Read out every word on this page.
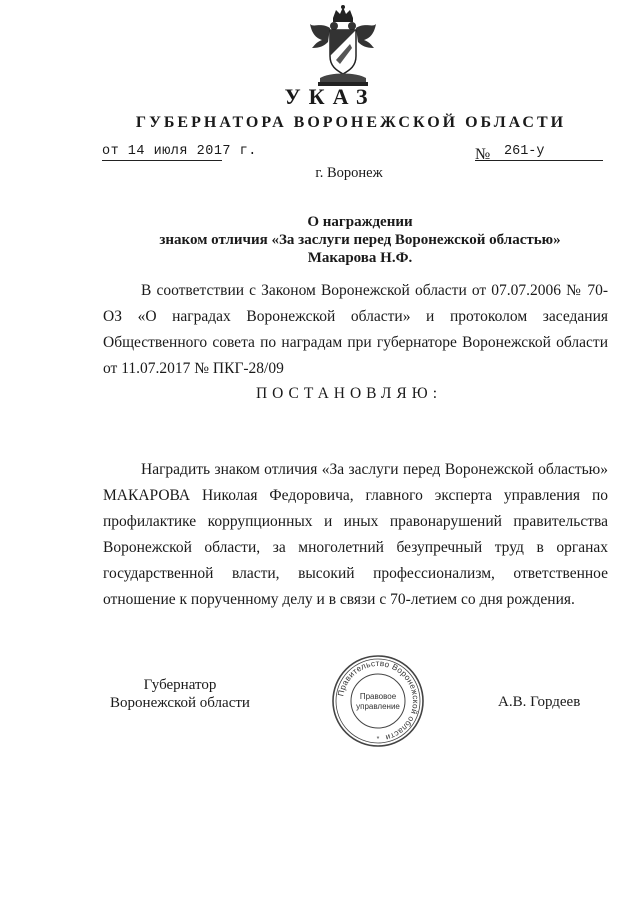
УКАЗ
ГУБЕРНАТОРА ВОРОНЕЖСКОЙ ОБЛАСТИ
от 14 июля 2017 г.	№	261-у
г. Воронеж
О награждении
знаком отличия «За заслуги перед Воронежской областью»
Макарова Н.Ф.
В соответствии с Законом Воронежской области от 07.07.2006 № 70-ОЗ «О наградах Воронежской области» и протоколом заседания Общественного совета по наградам при губернаторе Воронежской области от 11.07.2017 № ПКГ-28/09
ПОСТАНОВЛЯЮ:
Наградить знаком отличия «За заслуги перед Воронежской областью» МАКАРОВА Николая Федоровича, главного эксперта управления по профилактике коррупционных и иных правонарушений правительства Воронежской области, за многолетний безупречный труд в органах государственной власти, высокий профессионализм, ответственное отношение к порученному делу и в связи с 70-летием со дня рождения.
Губернатор
Воронежской области
Правительство Воронежской области
Правовое
управление
*
А.В. Гордеев
